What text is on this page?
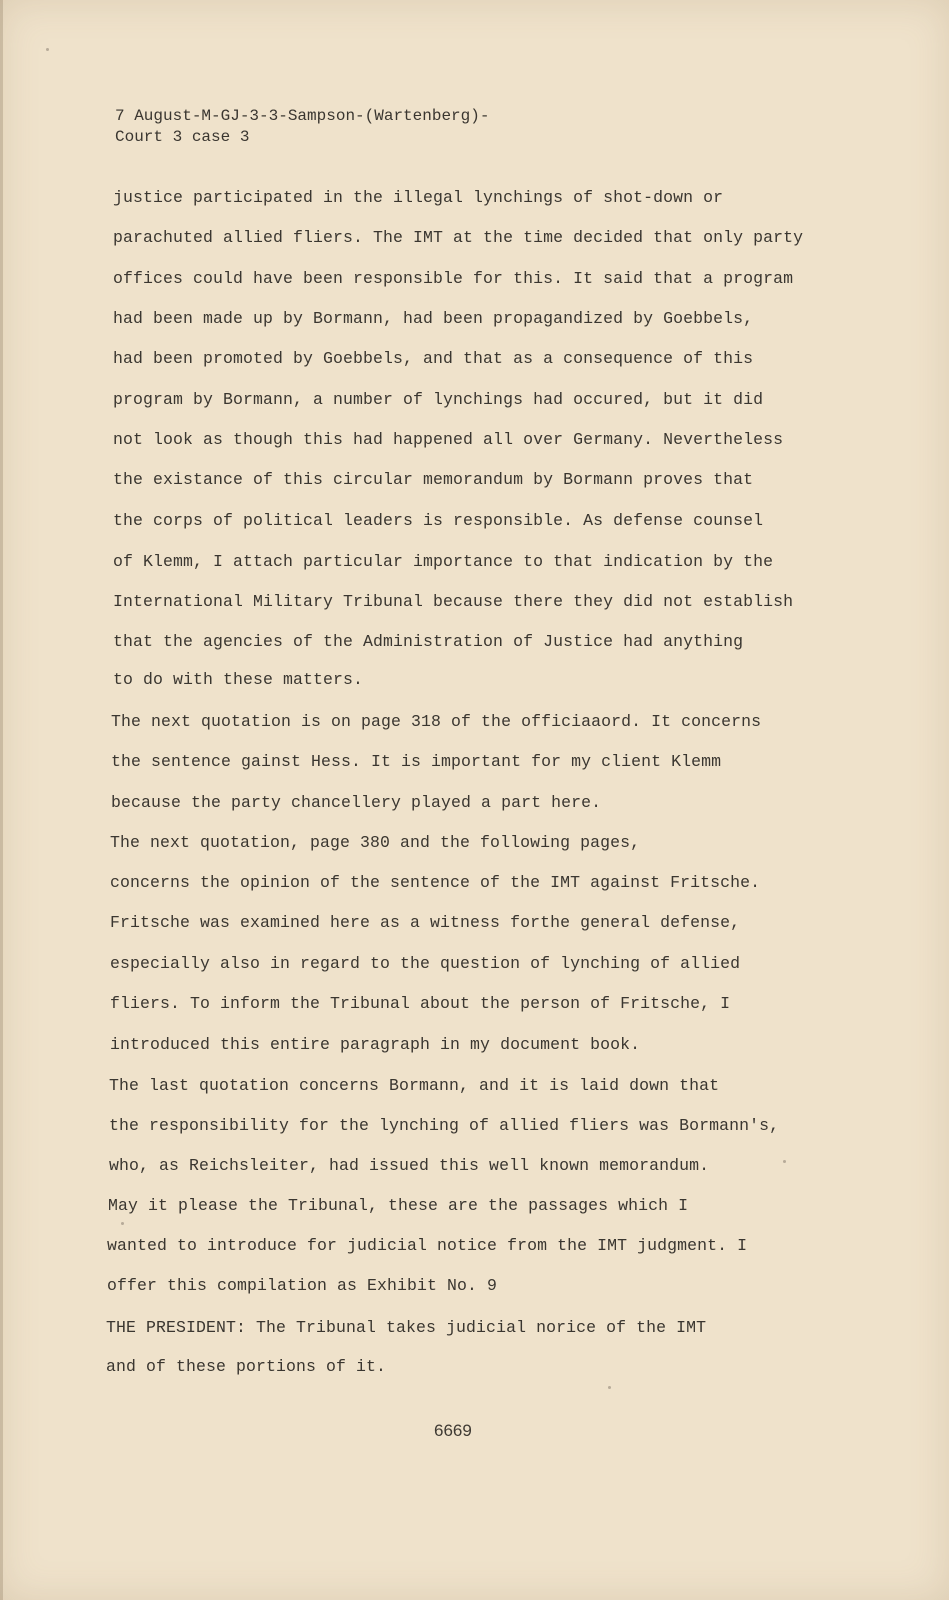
7 August-M-GJ-3-3-Sampson-(Wartenberg)-
Court 3 case 3
justice participated in the illegal lynchings of shot-down or
parachuted allied fliers. The IMT at the time decided that only party
offices could have been responsible for this. It said that a program
had been made up by Bormann, had been propagandized by Goebbels,
had been promoted by Goebbels, and that as a consequence of this
program by Bormann, a number of lynchings had occured, but it did
not look as though this had happened all over Germany. Nevertheless
the existance of this circular memorandum by Bormann proves that
the corps of political leaders is responsible. As defense counsel
of Klemm, I attach particular importance to that indication by the
International Military Tribunal because there they did not establish
that the agencies of the Administration of Justice had anything
to do with these matters.
The next quotation is on page 318 of the officiaaord. It concerns
the sentence gainst Hess. It is important for my client Klemm
because the party chancellery played a part here.
The next quotation, page 380 and the following pages,
concerns the opinion of the sentence of the IMT against Fritsche.
Fritsche was examined here as a witness forthe general defense,
especially also in regard to the question of lynching of allied
fliers. To inform the Tribunal about the person of Fritsche, I
introduced this entire paragraph in my document book.
The last quotation concerns Bormann, and it is laid down that
the responsibility for the lynching of allied fliers was Bormann's,
who, as Reichsleiter, had issued this well known memorandum.
May it please the Tribunal, these are the passages which I
wanted to introduce for judicial notice from the IMT judgment. I
offer this compilation as Exhibit No. 9
THE PRESIDENT: The Tribunal takes judicial norice of the IMT
and of these portions of it.
6669
